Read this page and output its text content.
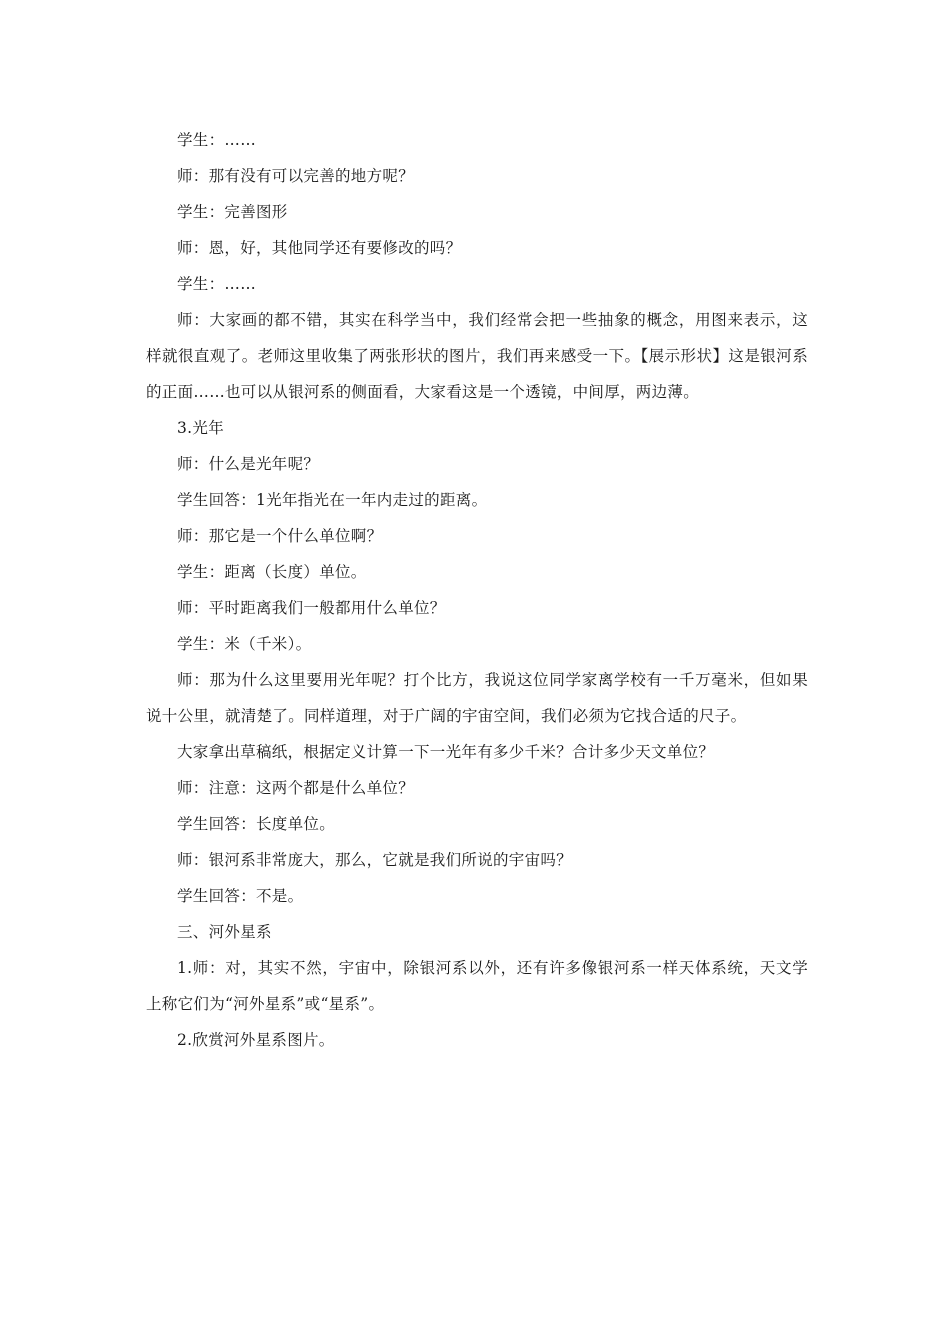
学生：……

师：那有没有可以完善的地方呢？

学生：完善图形

师：恩，好，其他同学还有要修改的吗？

学生：……

师：大家画的都不错，其实在科学当中，我们经常会把一些抽象的概念，用图来表示，这样就很直观了。老师这里收集了两张形状的图片，我们再来感受一下。【展示形状】这是银河系的正面……也可以从银河系的侧面看，大家看这是一个透镜，中间厚，两边薄。

3.光年

师：什么是光年呢？

学生回答：1光年指光在一年内走过的距离。

师：那它是一个什么单位啊？

学生：距离（长度）单位。

师：平时距离我们一般都用什么单位？

学生：米（千米）。

师：那为什么这里要用光年呢？打个比方，我说这位同学家离学校有一千万毫米，但如果说十公里，就清楚了。同样道理，对于广阔的宇宙空间，我们必须为它找合适的尺子。

大家拿出草稿纸，根据定义计算一下一光年有多少千米？合计多少天文单位？

师：注意：这两个都是什么单位？

学生回答：长度单位。

师：银河系非常庞大，那么，它就是我们所说的宇宙吗？

学生回答：不是。

三、河外星系

1.师：对，其实不然，宇宙中，除银河系以外，还有许多像银河系一样天体系统，天文学上称它们为“河外星系”或“星系”。

2.欣赏河外星系图片。
